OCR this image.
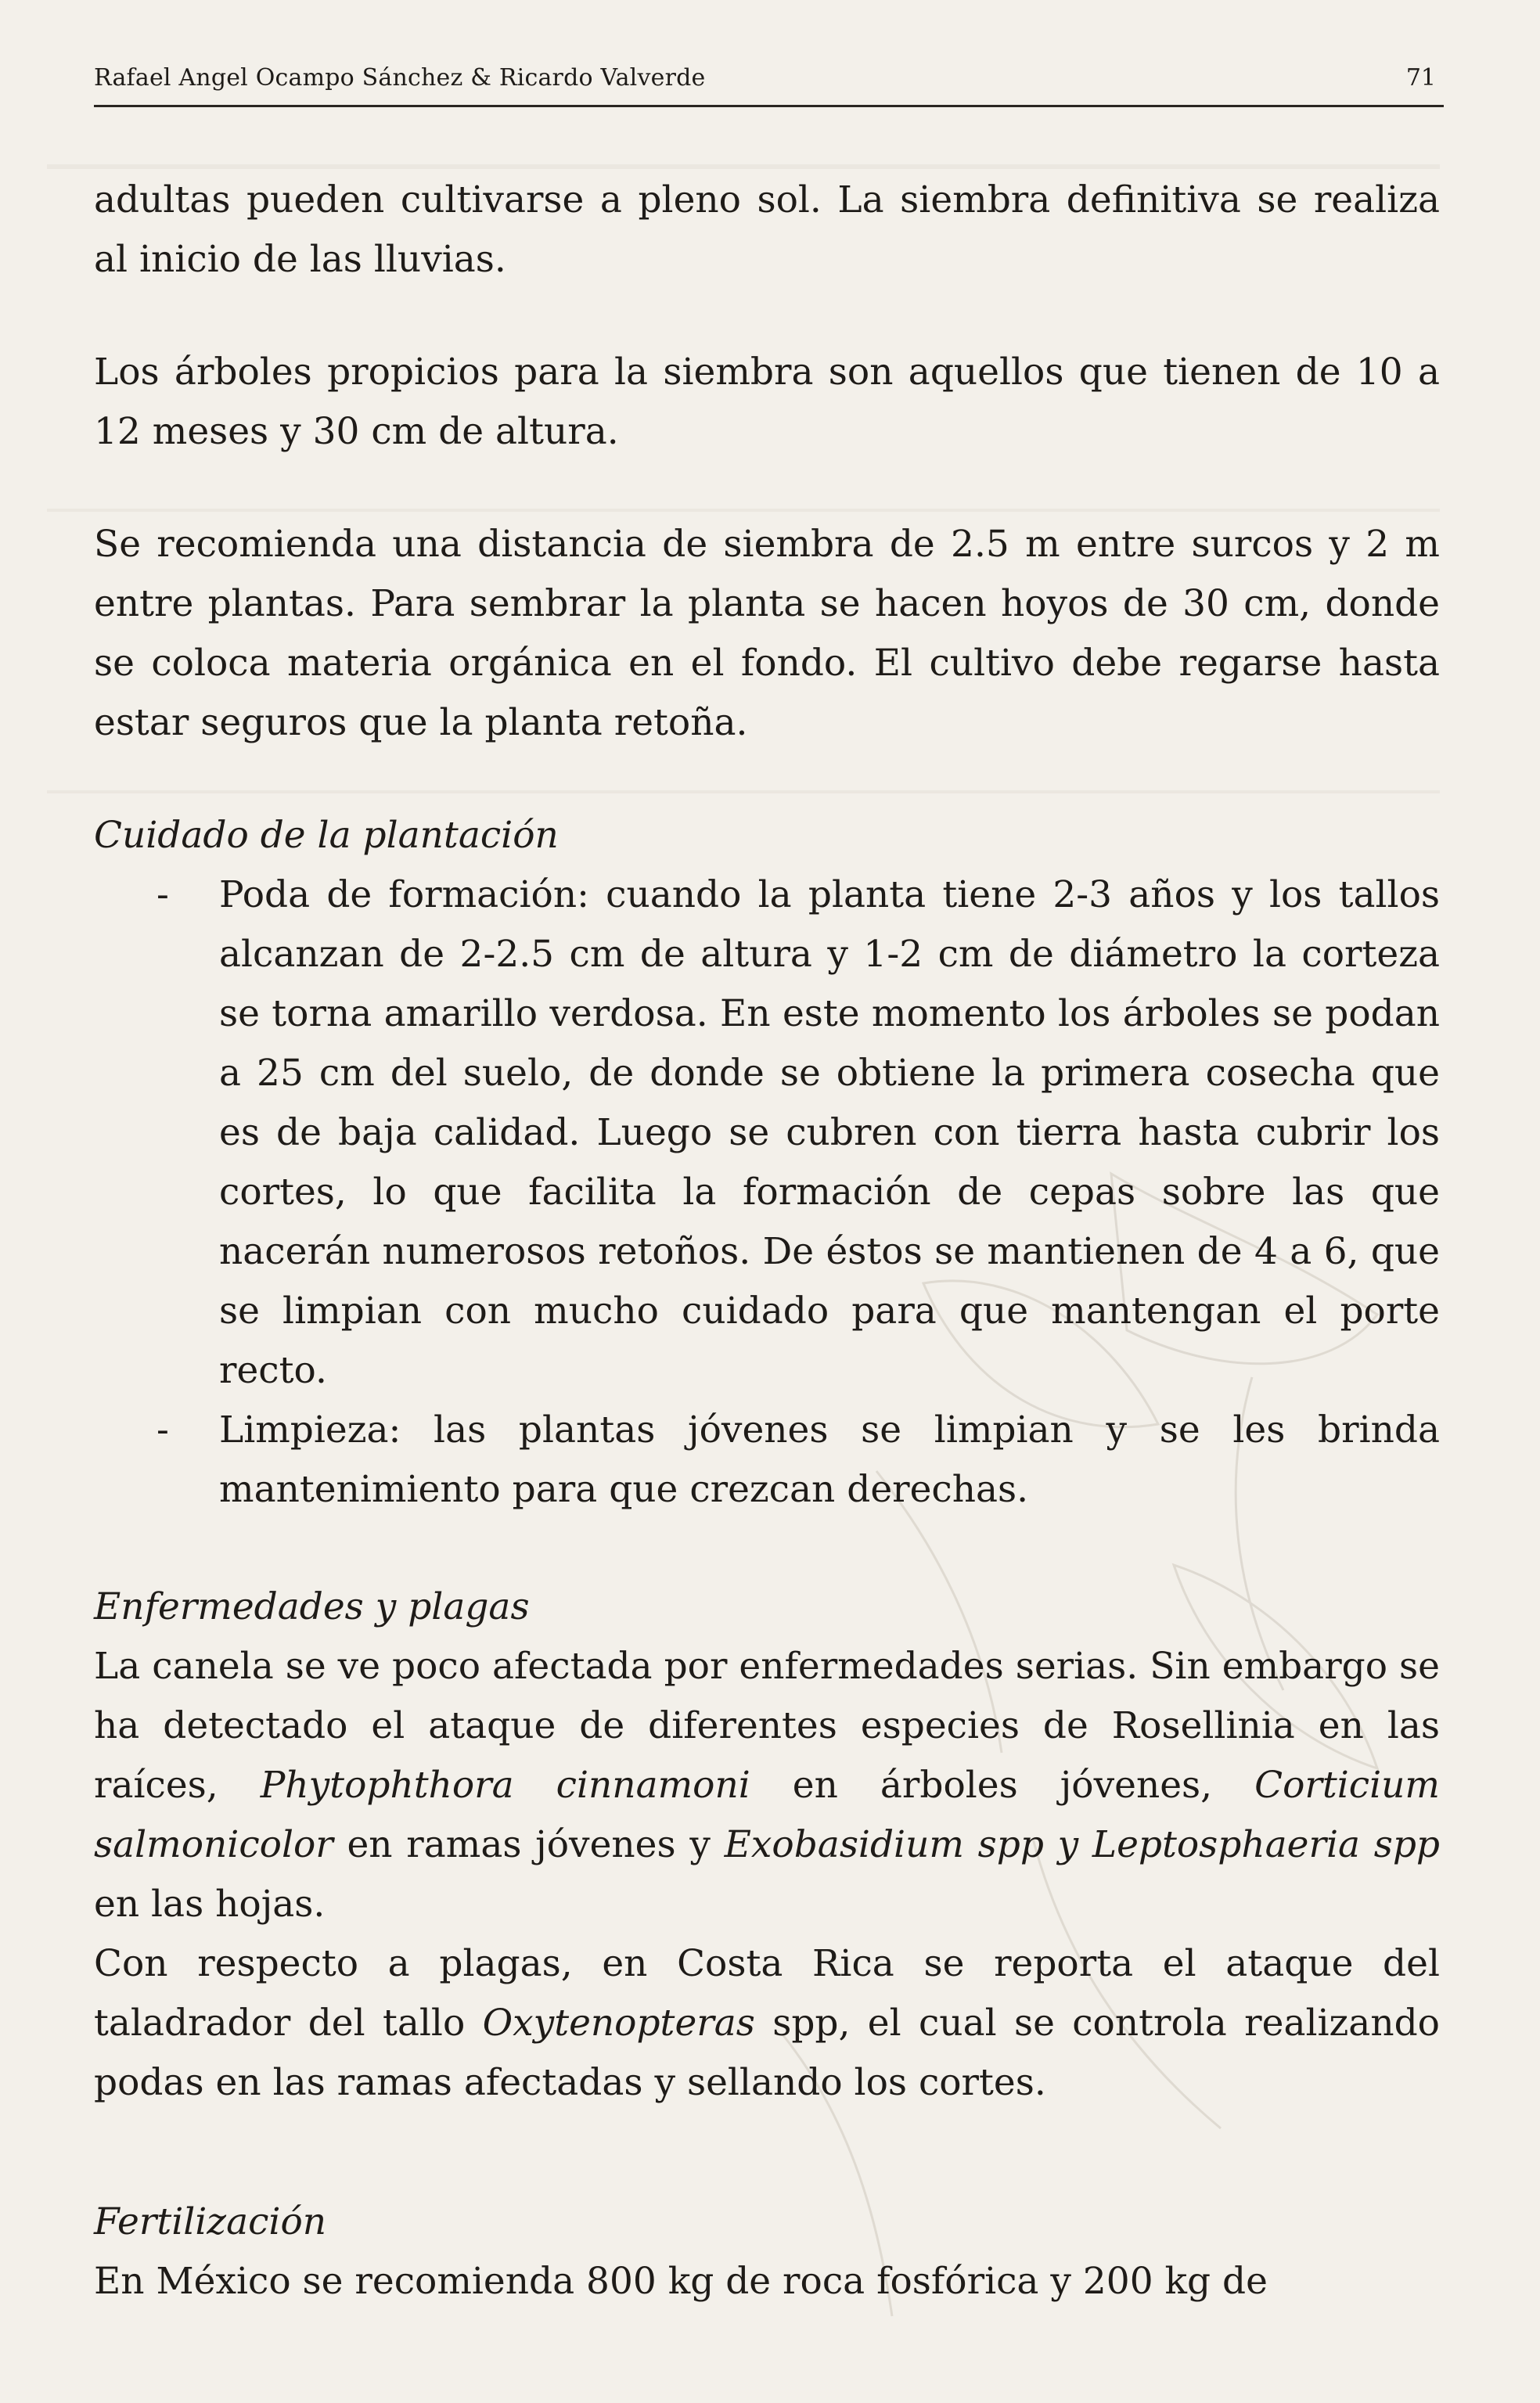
Rafael Angel Ocampo Sánchez & Ricardo Valverde	71

adultas pueden cultivarse a pleno sol. La siembra definitiva se realiza al inicio de las lluvias.

Los árboles propicios para la siembra son aquellos que tienen de 10 a 12 meses y 30 cm de altura.

Se recomienda una distancia de siembra de 2.5 m entre surcos y 2 m entre plantas. Para sembrar la planta se hacen hoyos de 30 cm, donde se coloca materia orgánica en el fondo. El cultivo debe regarse hasta estar seguros que la planta retoña.

Cuidado de la plantación

- Poda de formación: cuando la planta tiene 2-3 años y los tallos alcanzan de 2-2.5 cm de altura y 1-2 cm de diámetro la corteza se torna amarillo verdosa. En este momento los árboles se podan a 25 cm del suelo, de donde se obtiene la primera cosecha que es de baja calidad. Luego se cubren con tierra hasta cubrir los cortes, lo que facilita la formación de cepas sobre las que nacerán numerosos retoños. De éstos se mantienen de 4 a 6, que se limpian con mucho cuidado para que mantengan el porte recto.
- Limpieza: las plantas jóvenes se limpian y se les brinda mantenimiento para que crezcan derechas.

Enfermedades y plagas

La canela se ve poco afectada por enfermedades serias. Sin embargo se ha detectado el ataque de diferentes especies de Rosellinia en las raíces, Phytophthora cinnamoni en árboles jóvenes, Corticium salmonicolor en ramas jóvenes y Exobasidium spp y Leptosphaeria spp en las hojas.

Con respecto a plagas, en Costa Rica se reporta el ataque del taladrador del tallo Oxytenopteras spp, el cual se controla realizando podas en las ramas afectadas y sellando los cortes.

Fertilización

En México se recomienda 800 kg de roca fosfórica y 200 kg de
